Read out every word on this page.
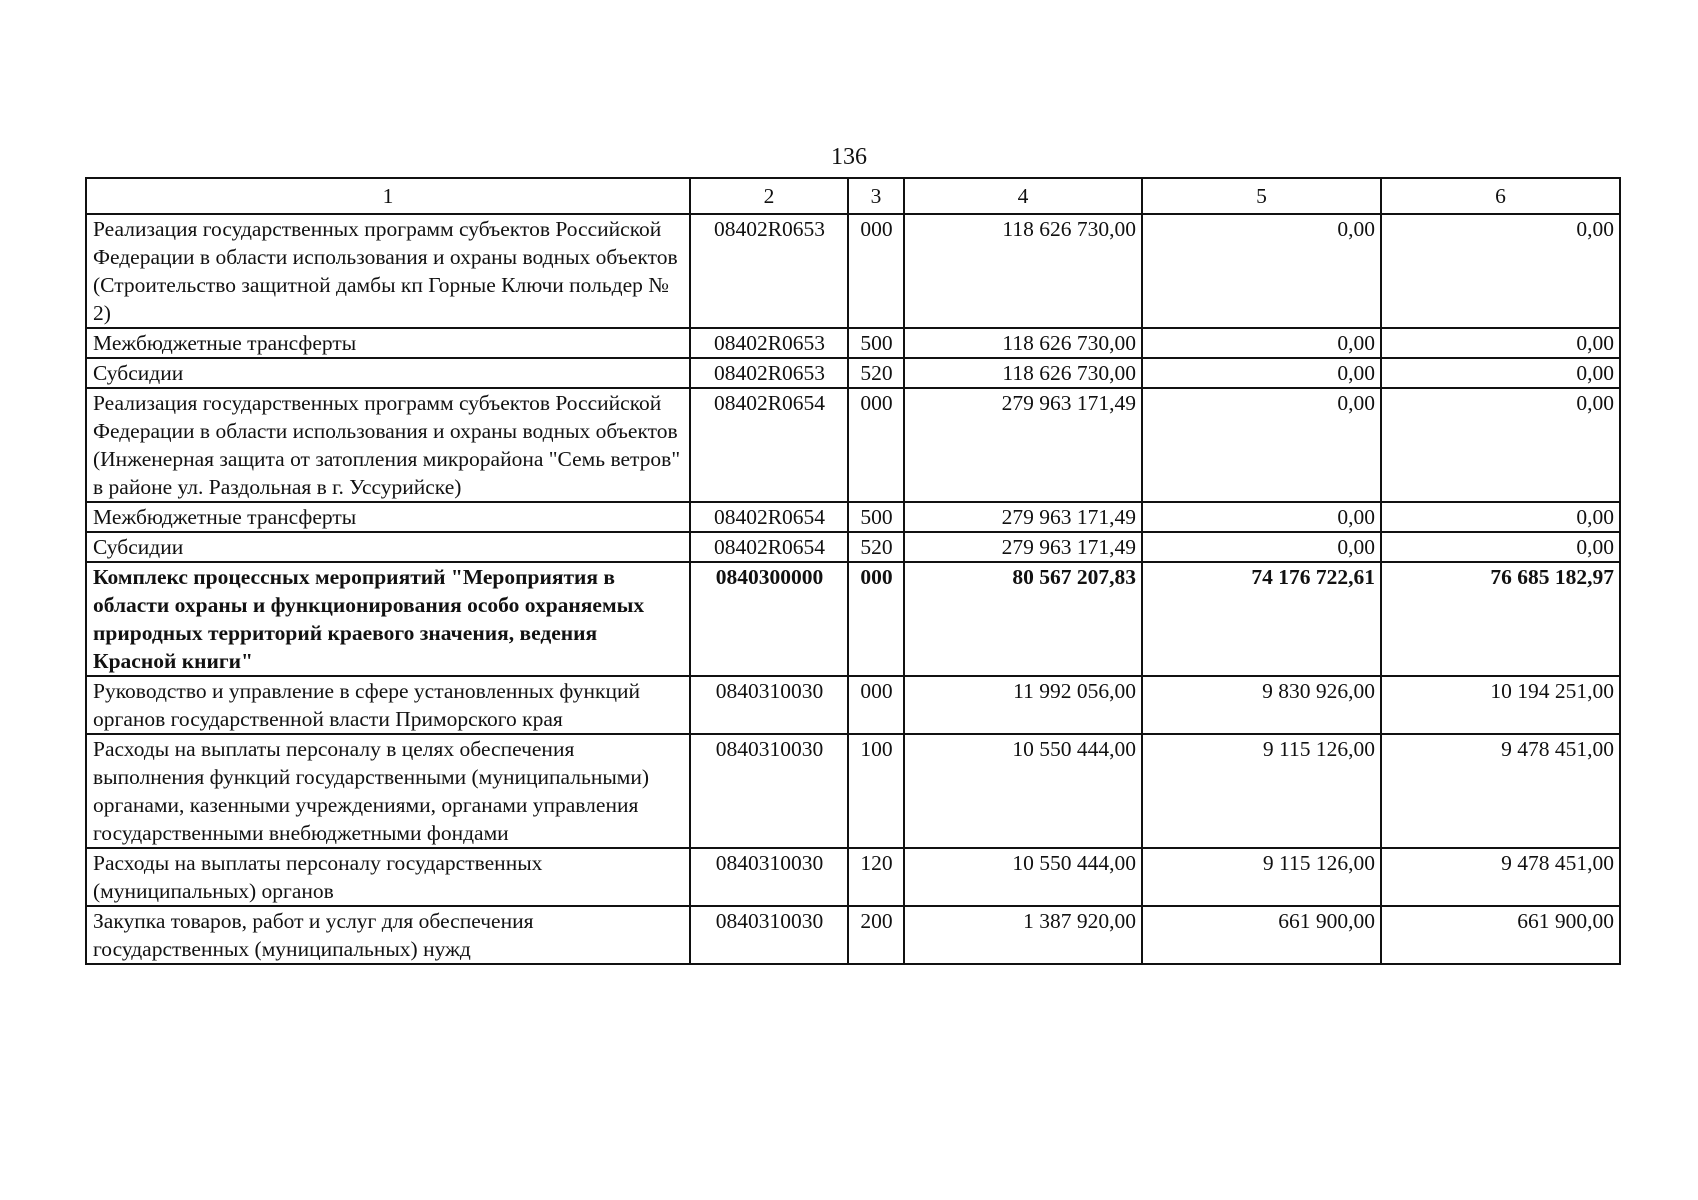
136
1	2	3	4	5	6
Реализация государственных программ субъектов Российской Федерации в области использования и охраны водных объектов (Строительство защитной дамбы кп Горные Ключи польдер № 2)	08402R0653	000	118 626 730,00	0,00	0,00
Межбюджетные трансферты	08402R0653	500	118 626 730,00	0,00	0,00
Субсидии	08402R0653	520	118 626 730,00	0,00	0,00
Реализация государственных программ субъектов Российской Федерации в области использования и охраны водных объектов (Инженерная защита от затопления микрорайона "Семь ветров" в районе ул. Раздольная в г. Уссурийске)	08402R0654	000	279 963 171,49	0,00	0,00
Межбюджетные трансферты	08402R0654	500	279 963 171,49	0,00	0,00
Субсидии	08402R0654	520	279 963 171,49	0,00	0,00
Комплекс процессных мероприятий "Мероприятия в области охраны и функционирования особо охраняемых природных территорий краевого значения, ведения Красной книги"	0840300000	000	80 567 207,83	74 176 722,61	76 685 182,97
Руководство и управление в сфере установленных функций органов государственной власти Приморского края	0840310030	000	11 992 056,00	9 830 926,00	10 194 251,00
Расходы на выплаты персоналу в целях обеспечения выполнения функций государственными (муниципальными) органами, казенными учреждениями, органами управления государственными внебюджетными фондами	0840310030	100	10 550 444,00	9 115 126,00	9 478 451,00
Расходы на выплаты персоналу государственных (муниципальных) органов	0840310030	120	10 550 444,00	9 115 126,00	9 478 451,00
Закупка товаров, работ и услуг для обеспечения государственных (муниципальных) нужд	0840310030	200	1 387 920,00	661 900,00	661 900,00
